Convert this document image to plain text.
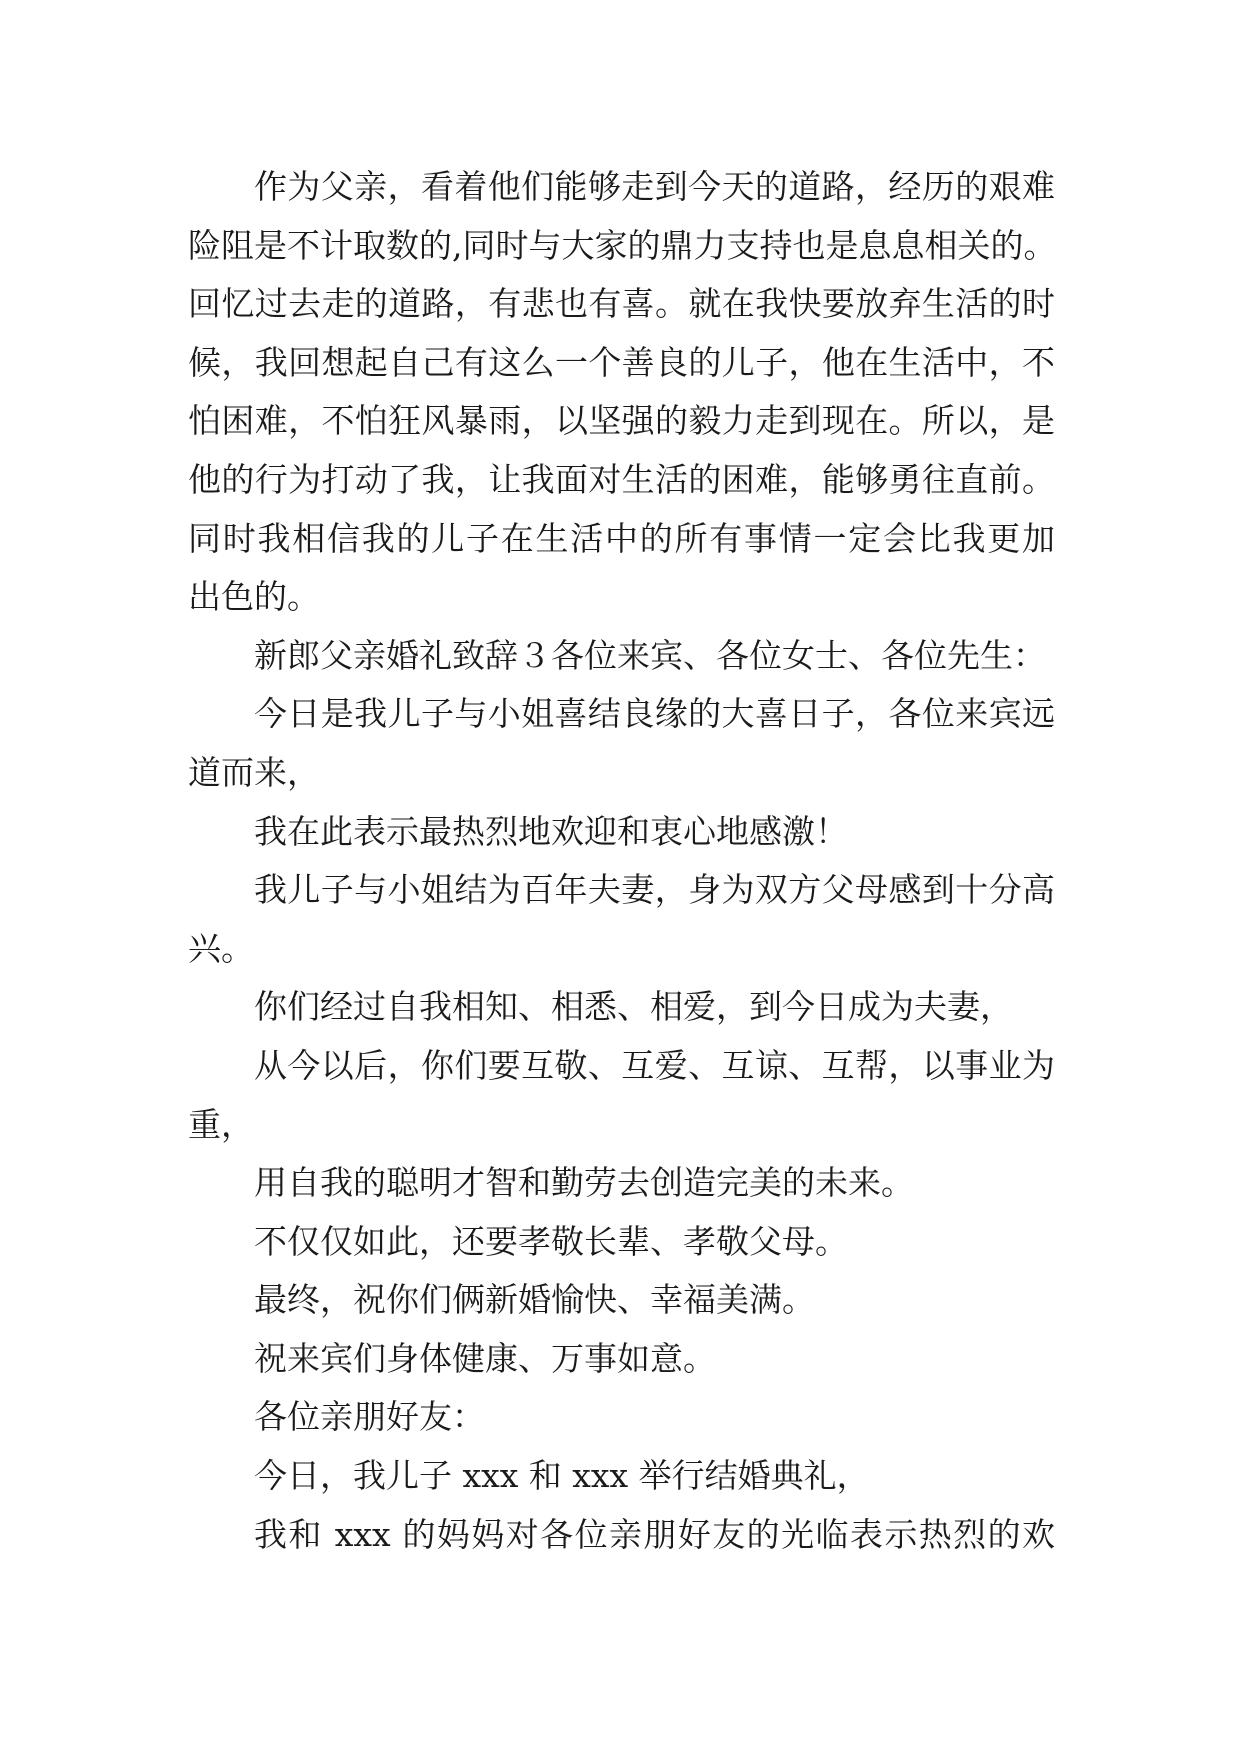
作为父亲，看着他们能够走到今天的道路，经历的艰难
险阻是不计取数的,同时与大家的鼎力支持也是息息相关的。
回忆过去走的道路，有悲也有喜。就在我快要放弃生活的时
候，我回想起自己有这么一个善良的儿子，他在生活中，不
怕困难，不怕狂风暴雨，以坚强的毅力走到现在。所以，是
他的行为打动了我，让我面对生活的困难，能够勇往直前。
同时我相信我的儿子在生活中的所有事情一定会比我更加
出色的。
新郎父亲婚礼致辞３各位来宾、各位女士、各位先生：
今日是我儿子与小姐喜结良缘的大喜日子，各位来宾远
道而来，
我在此表示最热烈地欢迎和衷心地感激！
我儿子与小姐结为百年夫妻，身为双方父母感到十分高
兴。
你们经过自我相知、相悉、相爱，到今日成为夫妻，
从今以后，你们要互敬、互爱、互谅、互帮，以事业为
重，
用自我的聪明才智和勤劳去创造完美的未来。
不仅仅如此，还要孝敬长辈、孝敬父母。
最终，祝你们俩新婚愉快、幸福美满。
祝来宾们身体健康、万事如意。
各位亲朋好友：
今日，我儿子 xxx 和 xxx 举行结婚典礼，
我和 xxx 的妈妈对各位亲朋好友的光临表示热烈的欢
